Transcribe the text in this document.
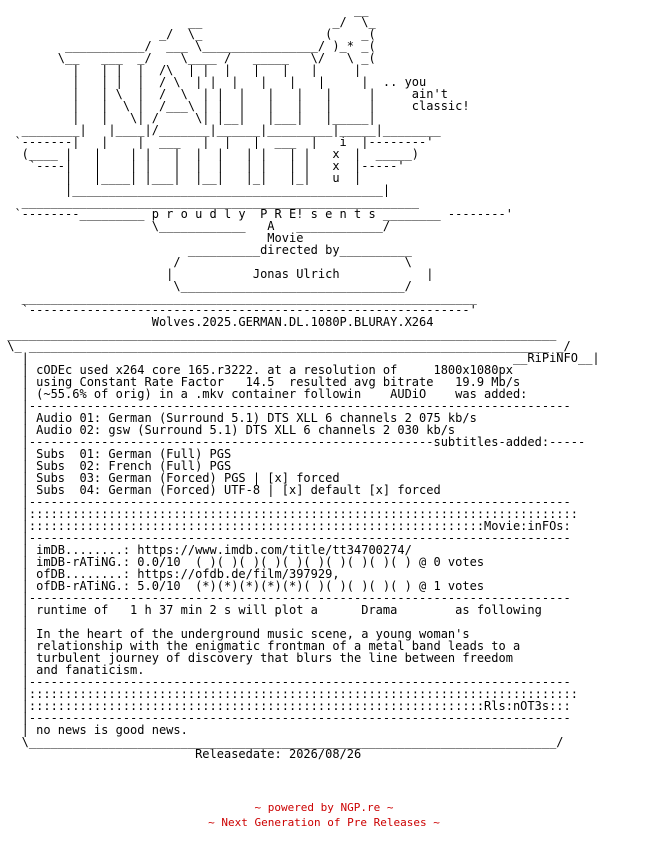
__
__                  _/  \_
_/  \_                 (    _(
___________/  ___ \________________/ )_* _(
\__   ___  _/    \____ /   _____   \/   \ _(
|   | |  |  /\  | |  |   |   |   |     |
|   | |  |  / \  | |  |   |   |   |     |  .. you
|   | \  |  /  \  | |  |   |   |   |     |     ain't
|   |  \ |  /___\ | |  |   |   |   |     |     classic!
|   |   \| /     \| |__|   |___|   |_____|
________|   |____|/_______|______|_________|_____|________
`-------|   |    |  ___   |  |   |  ___  |   i  |--------'
(____ |   |    | |   |  |  |   | |   | |   x  |  _____)
`----|   |    | |   |  |  |   | |   | |   x  |-----'
|   |____| |___|  |__|   |_|   |_|   u  |
|___________________________________________|
_______________________________________________________
`--------_________ p r o u d l y  P R E! s e n t s ________ --------'
\____________   A   ____________/
Movie
__________directed by__________
/                               \
|           Jonas Ulrich            |
\_______________________________/
_______________________________________________________________
`-------------------------------------------------------------'
Wolves.2025.GERMAN.DL.1080P.BLURAY.X264
____________________________________________________________________________
\_ ________________________________________________________________________ _/
|                                                                   __RiPiNFO__|
| cODEc used x264 core 165.r3222. at a resolution of     1800x1080px
| using Constant Rate Factor   14.5  resulted avg bitrate   19.9 Mb/s
| (~55.6% of orig) in a .mkv container followin    AUDiO    was added:
|---------------------------------------------------------------------------
| Audio 01: German (Surround 5.1) DTS XLL 6 channels 2 075 kb/s
| Audio 02: gsw (Surround 5.1) DTS XLL 6 channels 2 030 kb/s
|--------------------------------------------------------subtitles-added:-----
| Subs  01: German (Full) PGS
| Subs  02: French (Full) PGS
| Subs  03: German (Forced) PGS | [x] forced
| Subs  04: German (Forced) UTF-8 | [x] default [x] forced
|---------------------------------------------------------------------------
|::::::::::::::::::::::::::::::::::::::::::::::::::::::::::::::::::::::::::::
|:::::::::::::::::::::::::::::::::::::::::::::::::::::::::::::::Movie:inFOs:
|---------------------------------------------------------------------------
| imDB........: https://www.imdb.com/title/tt34700274/
| imDB-rATiNG.: 0.0/10  ( )( )( )( )( )( )( )( )( )( ) @ 0 votes
| ofDB........: https://ofdb.de/film/397929,
| ofDB-rATiNG.: 5.0/10  (*)(*)(*)(*)(*)( )( )( )( )( ) @ 1 votes
|---------------------------------------------------------------------------
| runtime of   1 h 37 min 2 s will plot a      Drama        as following
|
| In the heart of the underground music scene, a young woman's
| relationship with the enigmatic frontman of a metal band leads to a
| turbulent journey of discovery that blurs the line between freedom
| and fanaticism.
|---------------------------------------------------------------------------
|::::::::::::::::::::::::::::::::::::::::::::::::::::::::::::::::::::::::::::
|:::::::::::::::::::::::::::::::::::::::::::::::::::::::::::::::Rls:nOT3s:::
|---------------------------------------------------------------------------
| no news is good news.
\_________________________________________________________________________/
Releasedate: 2026/08/26
~ powered by NGP.re ~
~ Next Generation of Pre Releases ~
